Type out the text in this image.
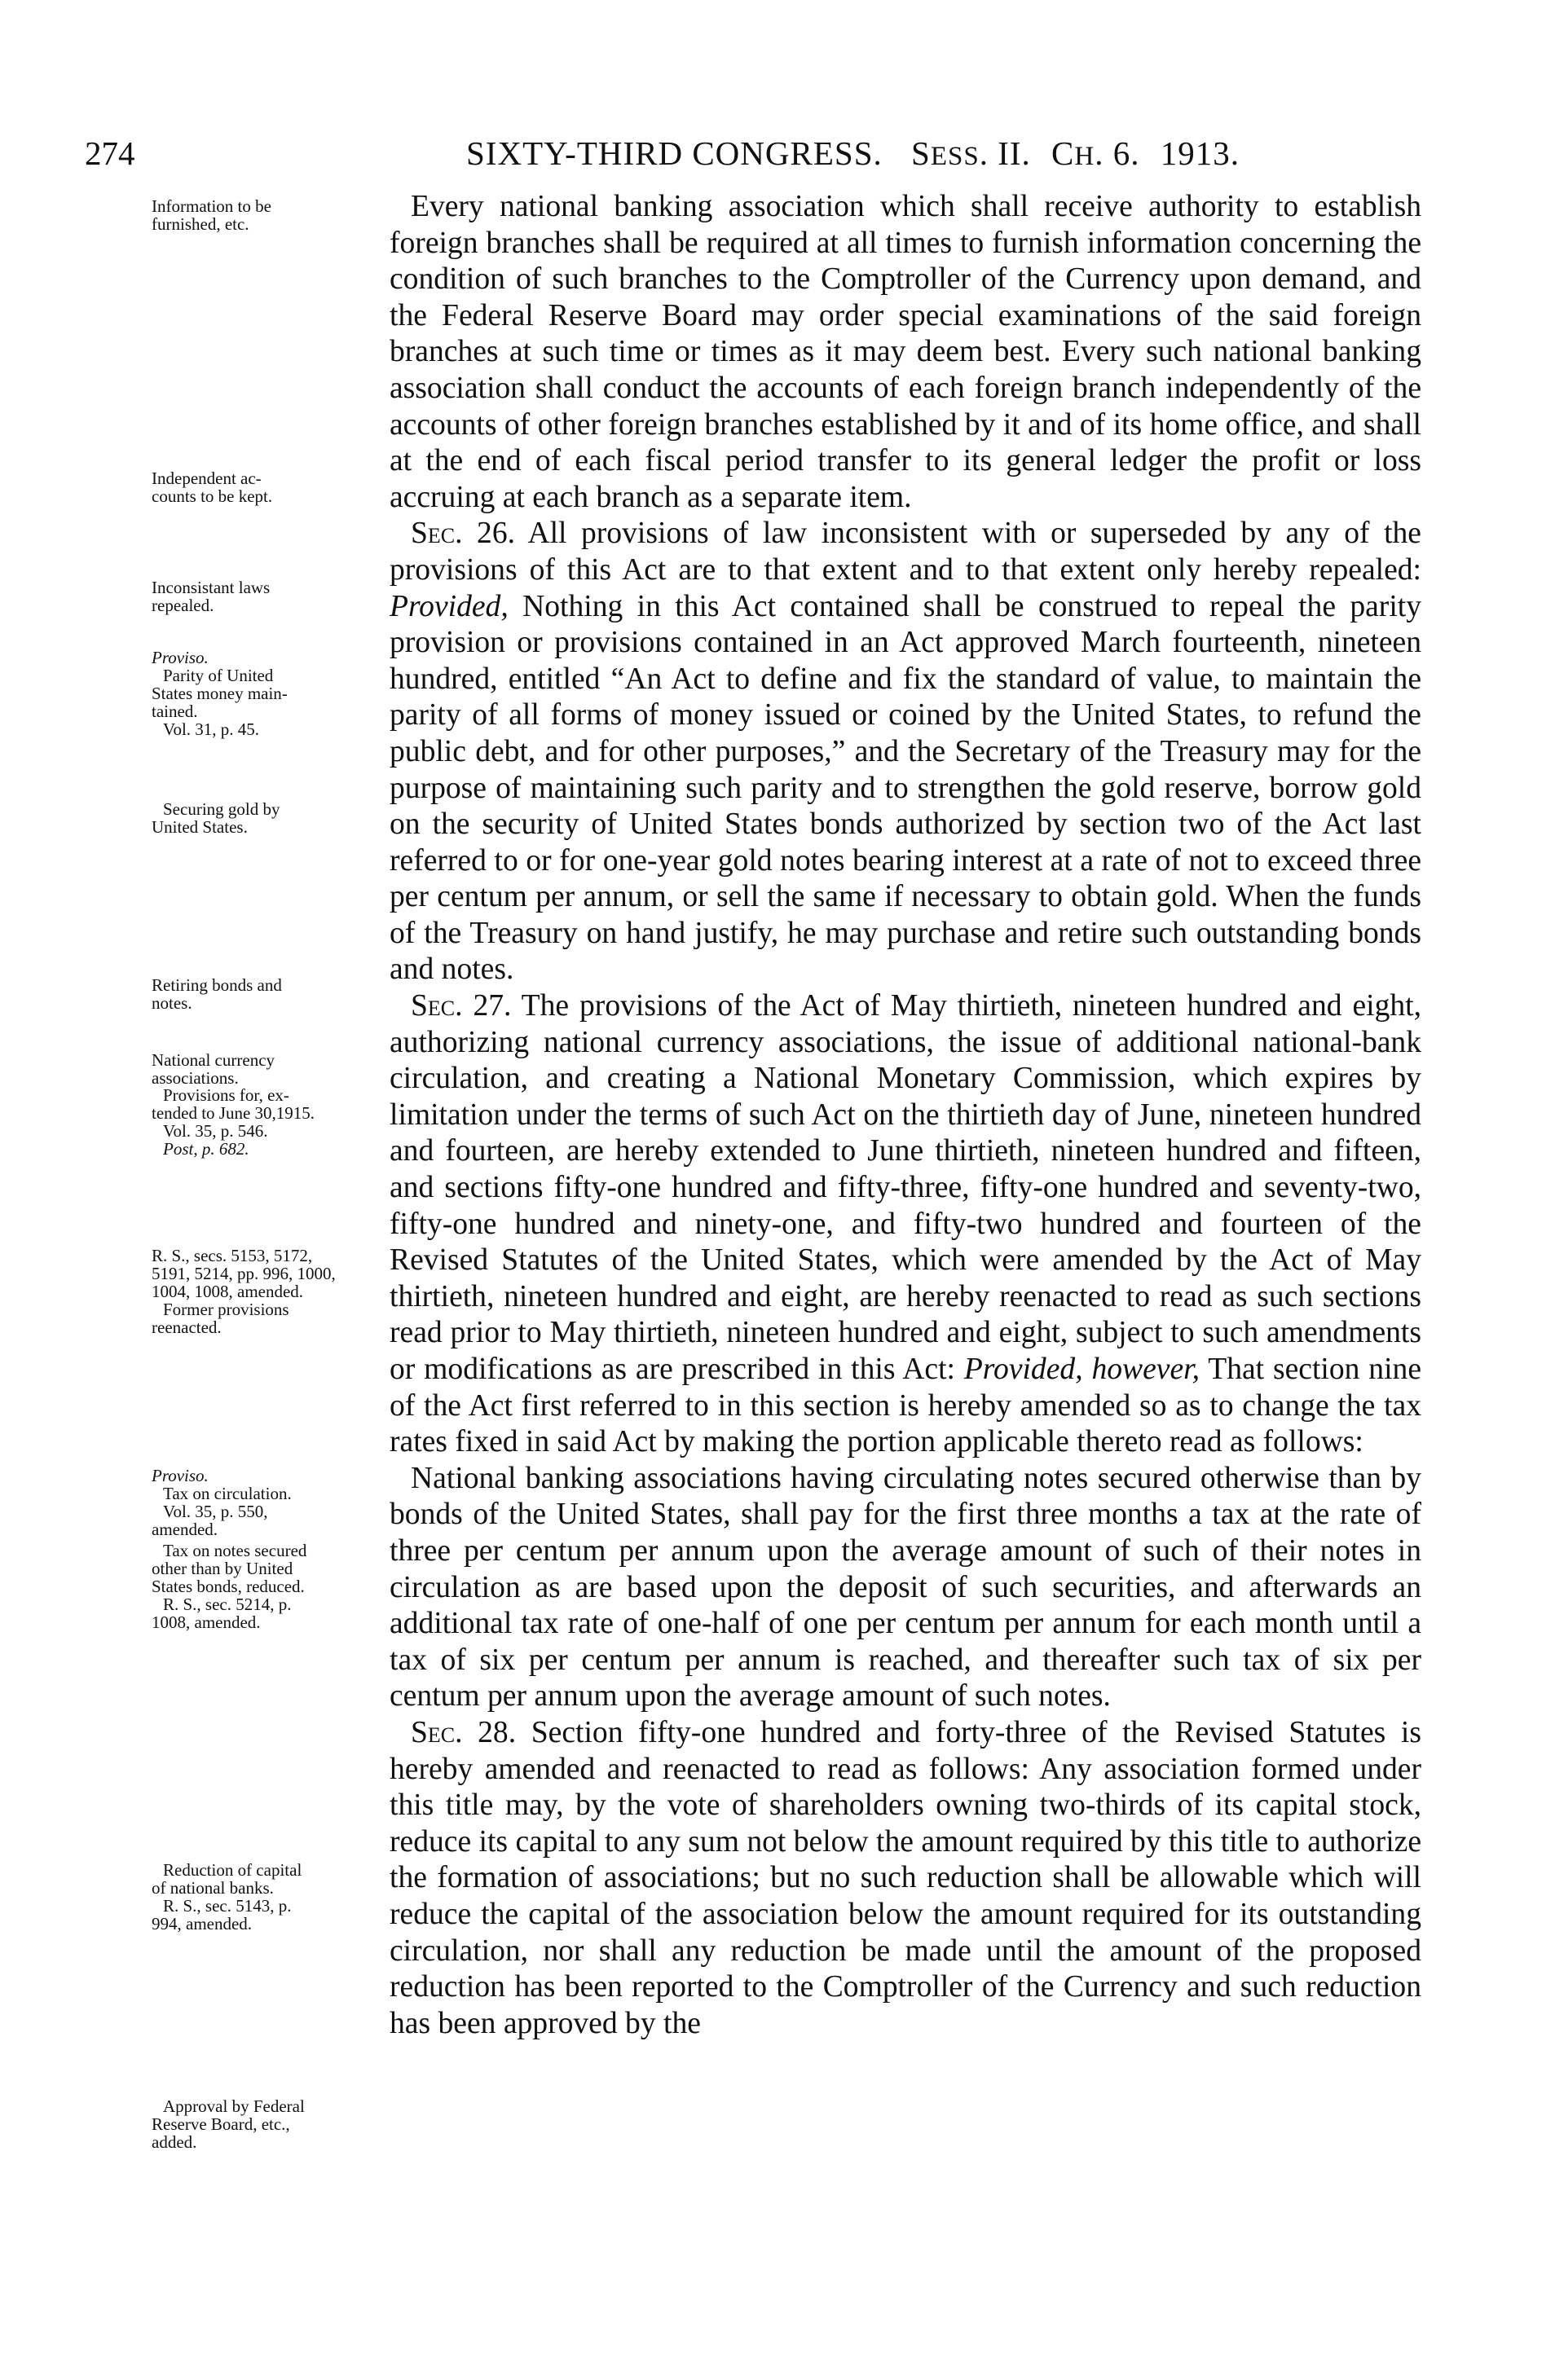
274	SIXTY-THIRD CONGRESS. SESS. II. CH. 6. 1913.
Information to be
furnished, etc.
Independent ac-
counts to be kept.
Inconsistant laws
repealed.
Proviso.
Parity of United
States money main-
tained.
Vol. 31, p. 45.
Securing gold by
United States.
Retiring bonds and
notes.
National currency
associations.
Provisions for, ex-
tended to June 30,1915.
Vol. 35, p. 546.
Post, p. 682.
R. S., secs. 5153, 5172,
5191, 5214, pp. 996, 1000,
1004, 1008, amended.
Former provisions
reenacted.
Proviso.
Tax on circulation.
Vol. 35, p. 550,
amended.
Tax on notes secured
other than by United
States bonds, reduced.
R. S., sec. 5214, p.
1008, amended.
Reduction of capital
of national banks.
R. S., sec. 5143, p.
994, amended.
Approval by Federal
Reserve Board, etc.,
added.

Every national banking association which shall receive authority to establish foreign branches shall be required at all times to furnish information concerning the condition of such branches to the Comptroller of the Currency upon demand, and the Federal Reserve Board may order special examinations of the said foreign branches at such time or times as it may deem best. Every such national banking association shall conduct the accounts of each foreign branch independently of the accounts of other foreign branches established by it and of its home office, and shall at the end of each fiscal period transfer to its general ledger the profit or loss accruing at each branch as a separate item.

Sec. 26. All provisions of law inconsistent with or superseded by any of the provisions of this Act are to that extent and to that extent only hereby repealed: Provided, Nothing in this Act contained shall be construed to repeal the parity provision or provisions contained in an Act approved March fourteenth, nineteen hundred, entitled “An Act to define and fix the standard of value, to maintain the parity of all forms of money issued or coined by the United States, to refund the public debt, and for other purposes,” and the Secretary of the Treasury may for the purpose of maintaining such parity and to strengthen the gold reserve, borrow gold on the security of United States bonds authorized by section two of the Act last referred to or for one-year gold notes bearing interest at a rate of not to exceed three per centum per annum, or sell the same if necessary to obtain gold. When the funds of the Treasury on hand justify, he may purchase and retire such outstanding bonds and notes.

Sec. 27. The provisions of the Act of May thirtieth, nineteen hundred and eight, authorizing national currency associations, the issue of additional national-bank circulation, and creating a National Monetary Commission, which expires by limitation under the terms of such Act on the thirtieth day of June, nineteen hundred and fourteen, are hereby extended to June thirtieth, nineteen hundred and fifteen, and sections fifty-one hundred and fifty-three, fifty-one hundred and seventy-two, fifty-one hundred and ninety-one, and fifty-two hundred and fourteen of the Revised Statutes of the United States, which were amended by the Act of May thirtieth, nineteen hundred and eight, are hereby reenacted to read as such sections read prior to May thirtieth, nineteen hundred and eight, subject to such amendments or modifications as are prescribed in this Act: Provided, however, That section nine of the Act first referred to in this section is hereby amended so as to change the tax rates fixed in said Act by making the portion applicable thereto read as follows:

National banking associations having circulating notes secured otherwise than by bonds of the United States, shall pay for the first three months a tax at the rate of three per centum per annum upon the average amount of such of their notes in circulation as are based upon the deposit of such securities, and afterwards an additional tax rate of one-half of one per centum per annum for each month until a tax of six per centum per annum is reached, and thereafter such tax of six per centum per annum upon the average amount of such notes.

Sec. 28. Section fifty-one hundred and forty-three of the Revised Statutes is hereby amended and reenacted to read as follows: Any association formed under this title may, by the vote of shareholders owning two-thirds of its capital stock, reduce its capital to any sum not below the amount required by this title to authorize the formation of associations; but no such reduction shall be allowable which will reduce the capital of the association below the amount required for its outstanding circulation, nor shall any reduction be made until the amount of the proposed reduction has been reported to the Comptroller of the Currency and such reduction has been approved by the
